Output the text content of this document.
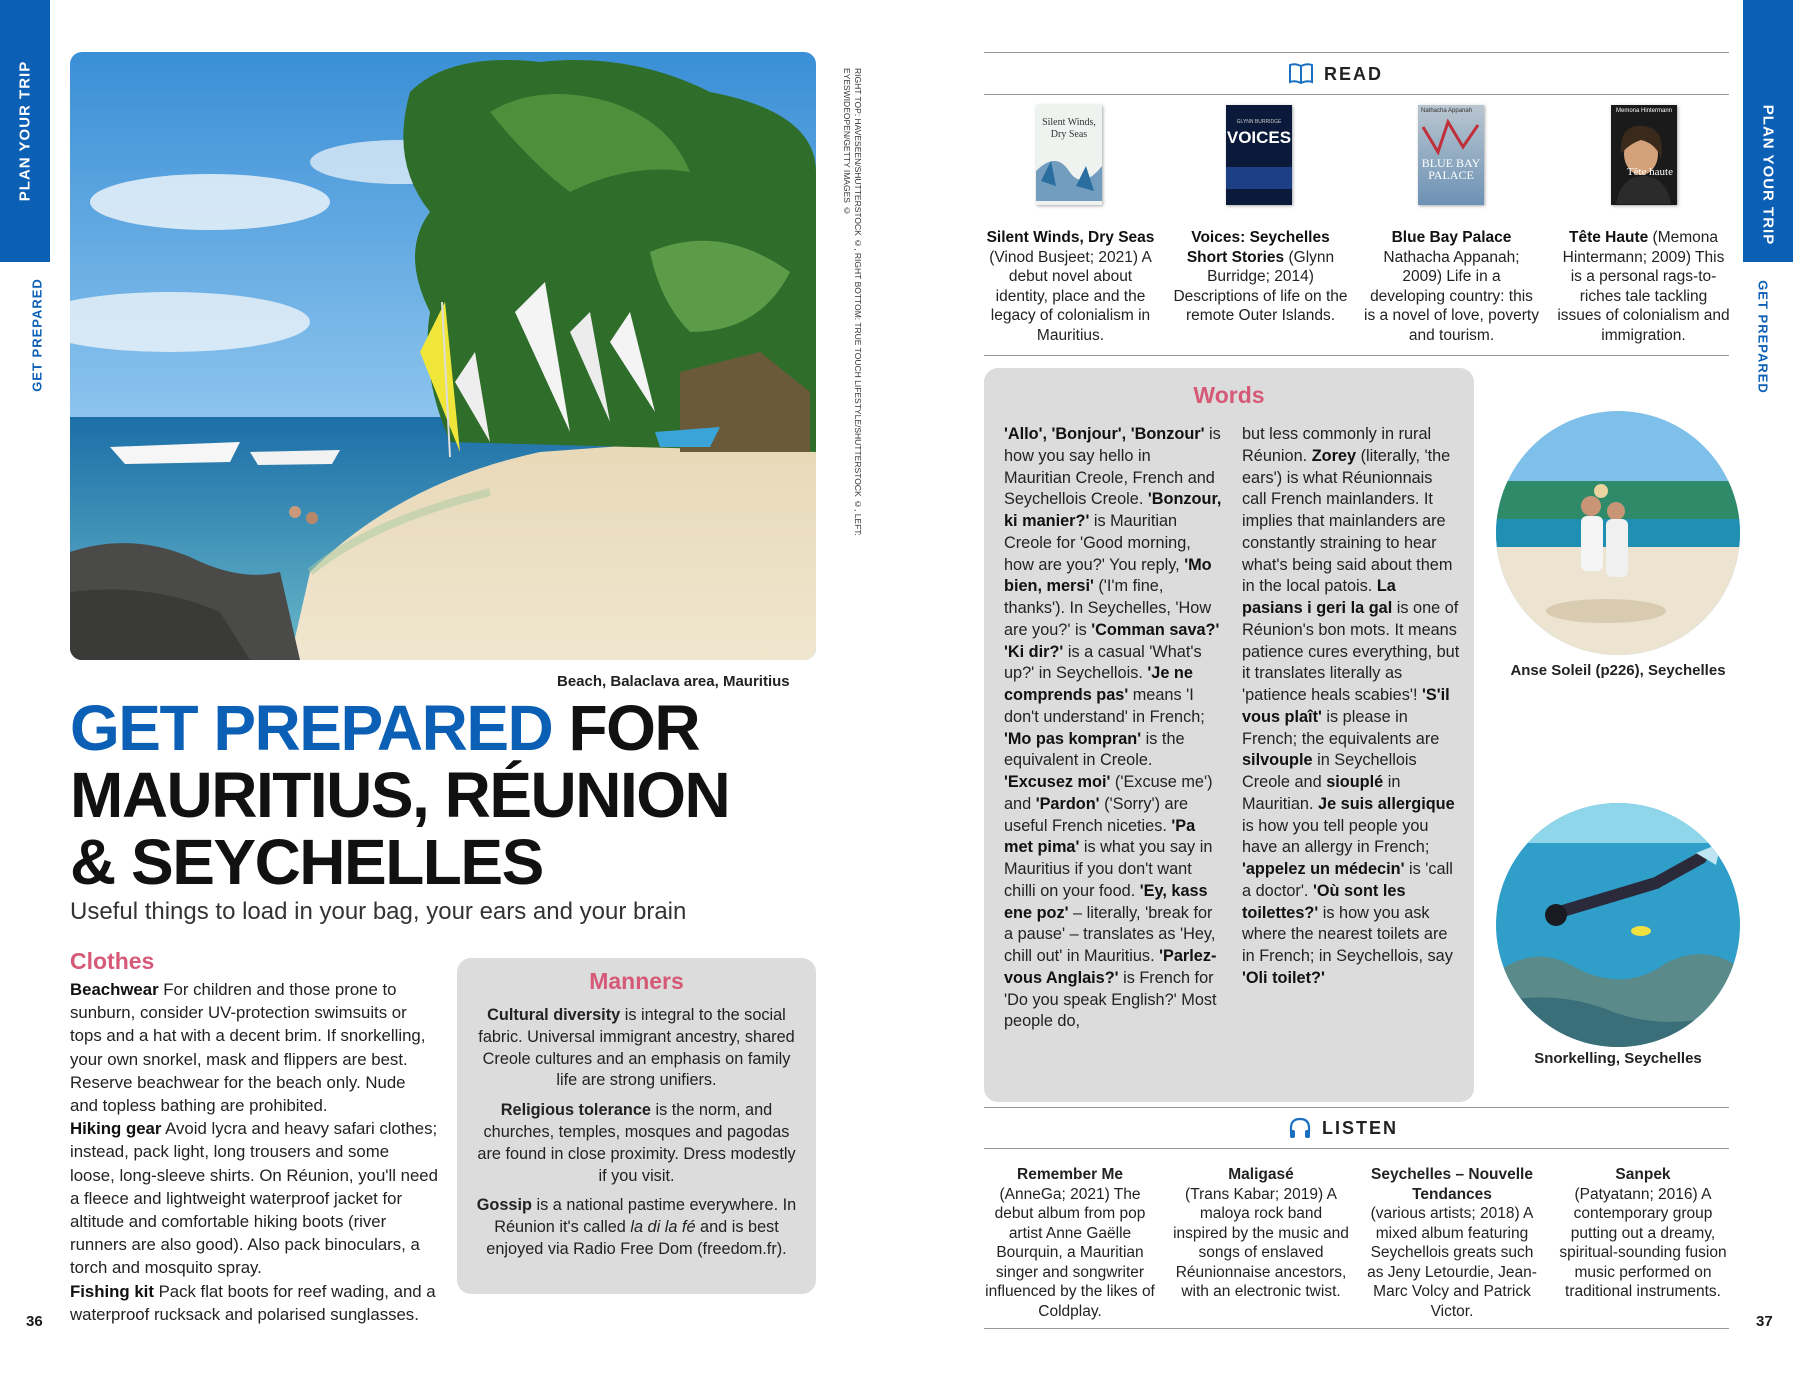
PLAN YOUR TRIP
GET PREPARED	RIGHT TOP: HAVESEEN/SHUTTERSTOCK ©, RIGHT BOTTOM: TRUE TOUCH LIFESTYLE/SHUTTERSTOCK ©, LEFT: EYESWIDEOPEN/GETTY IMAGES ©
Beach, Balaclava area, Mauritius
GET PREPARED FOR
MAURITIUS, RÉUNION
& SEYCHELLES
Useful things to load in your bag, your ears and your brain
Clothes
Beachwear For children and those prone to sunburn, consider UV-protection swimsuits or tops and a hat with a decent brim. If snorkelling, your own snorkel, mask and flippers are best. Reserve beachwear for the beach only. Nude and topless bathing are prohibited.
Hiking gear Avoid lycra and heavy safari clothes; instead, pack light, long trousers and some loose, long-sleeve shirts. On Réunion, you'll need a fleece and lightweight waterproof jacket for altitude and comfortable hiking boots (river runners are also good). Also pack binoculars, a torch and mosquito spray.
Fishing kit Pack flat boots for reef wading, and a waterproof rucksack and polarised sunglasses.
Manners

Cultural diversity is integral to the social fabric. Universal immigrant ancestry, shared Creole cultures and an emphasis on family life are strong unifiers.

Religious tolerance is the norm, and churches, temples, mosques and pagodas are found in close proximity. Dress modestly if you visit.

Gossip is a national pastime everywhere. In Réunion it's called la di la fé and is best enjoyed via Radio Free Dom (freedom.fr).

36
PLAN YOUR TRIP
GET PREPARED
READ
Silent Winds, Dry Seas
GLYNN BURRIDGE
VOICES
Nathacha Appanah
BLUE BAY PALACE
Memona Hintermann
Tête haute
Silent Winds, Dry Seas (Vinod Busjeet; 2021) A debut novel about identity, place and the legacy of colonialism in Mauritius.
Voices: Seychelles Short Stories (Glynn Burridge; 2014) Descriptions of life on the remote Outer Islands.
Blue Bay Palace Nathacha Appanah; 2009) Life in a developing country: this is a novel of love, poverty and tourism.
Tête Haute (Memona Hintermann; 2009) This is a personal rags-to-riches tale tackling issues of colonialism and immigration.
Words
'Allo', 'Bonjour', 'Bonzour' is how you say hello in Mauritian Creole, French and Seychellois Creole. 'Bonzour, ki manier?' is Mauritian Creole for 'Good morning, how are you?' You reply, 'Mo bien, mersi' ('I'm fine, thanks'). In Seychelles, 'How are you?' is 'Comman sava?' 'Ki dir?' is a casual 'What's up?' in Seychellois. 'Je ne comprends pas' means 'I don't understand' in French; 'Mo pas kompran' is the equivalent in Creole. 'Excusez moi' ('Excuse me') and 'Pardon' ('Sorry') are useful French niceties. 'Pa met pima' is what you say in Mauritius if you don't want chilli on your food. 'Ey, kass ene poz' – literally, 'break for a pause' – translates as 'Hey, chill out' in Mauritius. 'Parlez-vous Anglais?' is French for 'Do you speak English?' Most people do,
but less commonly in rural Réunion. Zorey (literally, 'the ears') is what Réunionnais call French mainlanders. It implies that mainlanders are constantly straining to hear what's being said about them in the local patois. La pasians i geri la gal is one of Réunion's bon mots. It means patience cures everything, but it translates literally as 'patience heals scabies'! 'S'il vous plaît' is please in French; the equivalents are silvouple in Seychellois Creole and siouplé in Mauritian. Je suis allergique is how you tell people you have an allergy in French; 'appelez un médecin' is 'call a doctor'. 'Où sont les toilettes?' is how you ask where the nearest toilets are in French; in Seychellois, say 'Oli toilet?'
Anse Soleil (p226), Seychelles
Snorkelling, Seychelles
LISTEN
Remember Me
(AnneGa; 2021) The debut album from pop artist Anne Gaëlle Bourquin, a Mauritian singer and songwriter influenced by the likes of Coldplay.
Maligasé
(Trans Kabar; 2019) A maloya rock band inspired by the music and songs of enslaved Réunionnaise ancestors, with an electronic twist.
Seychelles – Nouvelle Tendances
(various artists; 2018) A mixed album featuring Seychellois greats such as Jeny Letourdie, Jean-Marc Volcy and Patrick Victor.
Sanpek
(Patyatann; 2016) A contemporary group putting out a dreamy, spiritual-sounding fusion music performed on traditional instruments.
37
